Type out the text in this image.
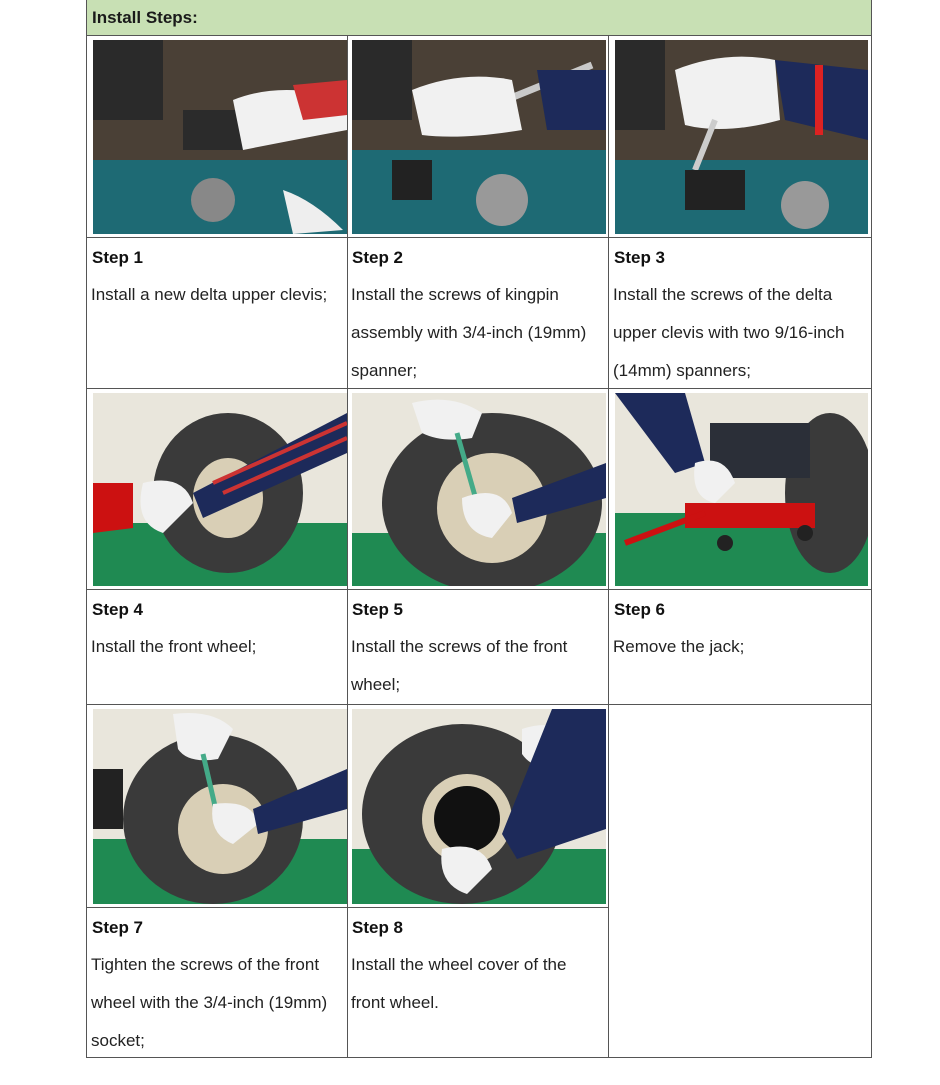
Install Steps:
Step 1
Install a new delta upper clevis;
Step 2
Install the screws of kingpin assembly with 3/4-inch (19mm) spanner;
Step 3
Install the screws of the delta upper clevis with two 9/16-inch (14mm) spanners;
Step 4
Install the front wheel;
Step 5
Install the screws of the front wheel;
Step 6
Remove the jack;
Step 7
Tighten the screws of the front wheel with the 3/4-inch (19mm) socket;
Step 8
Install the wheel cover of the front wheel.
